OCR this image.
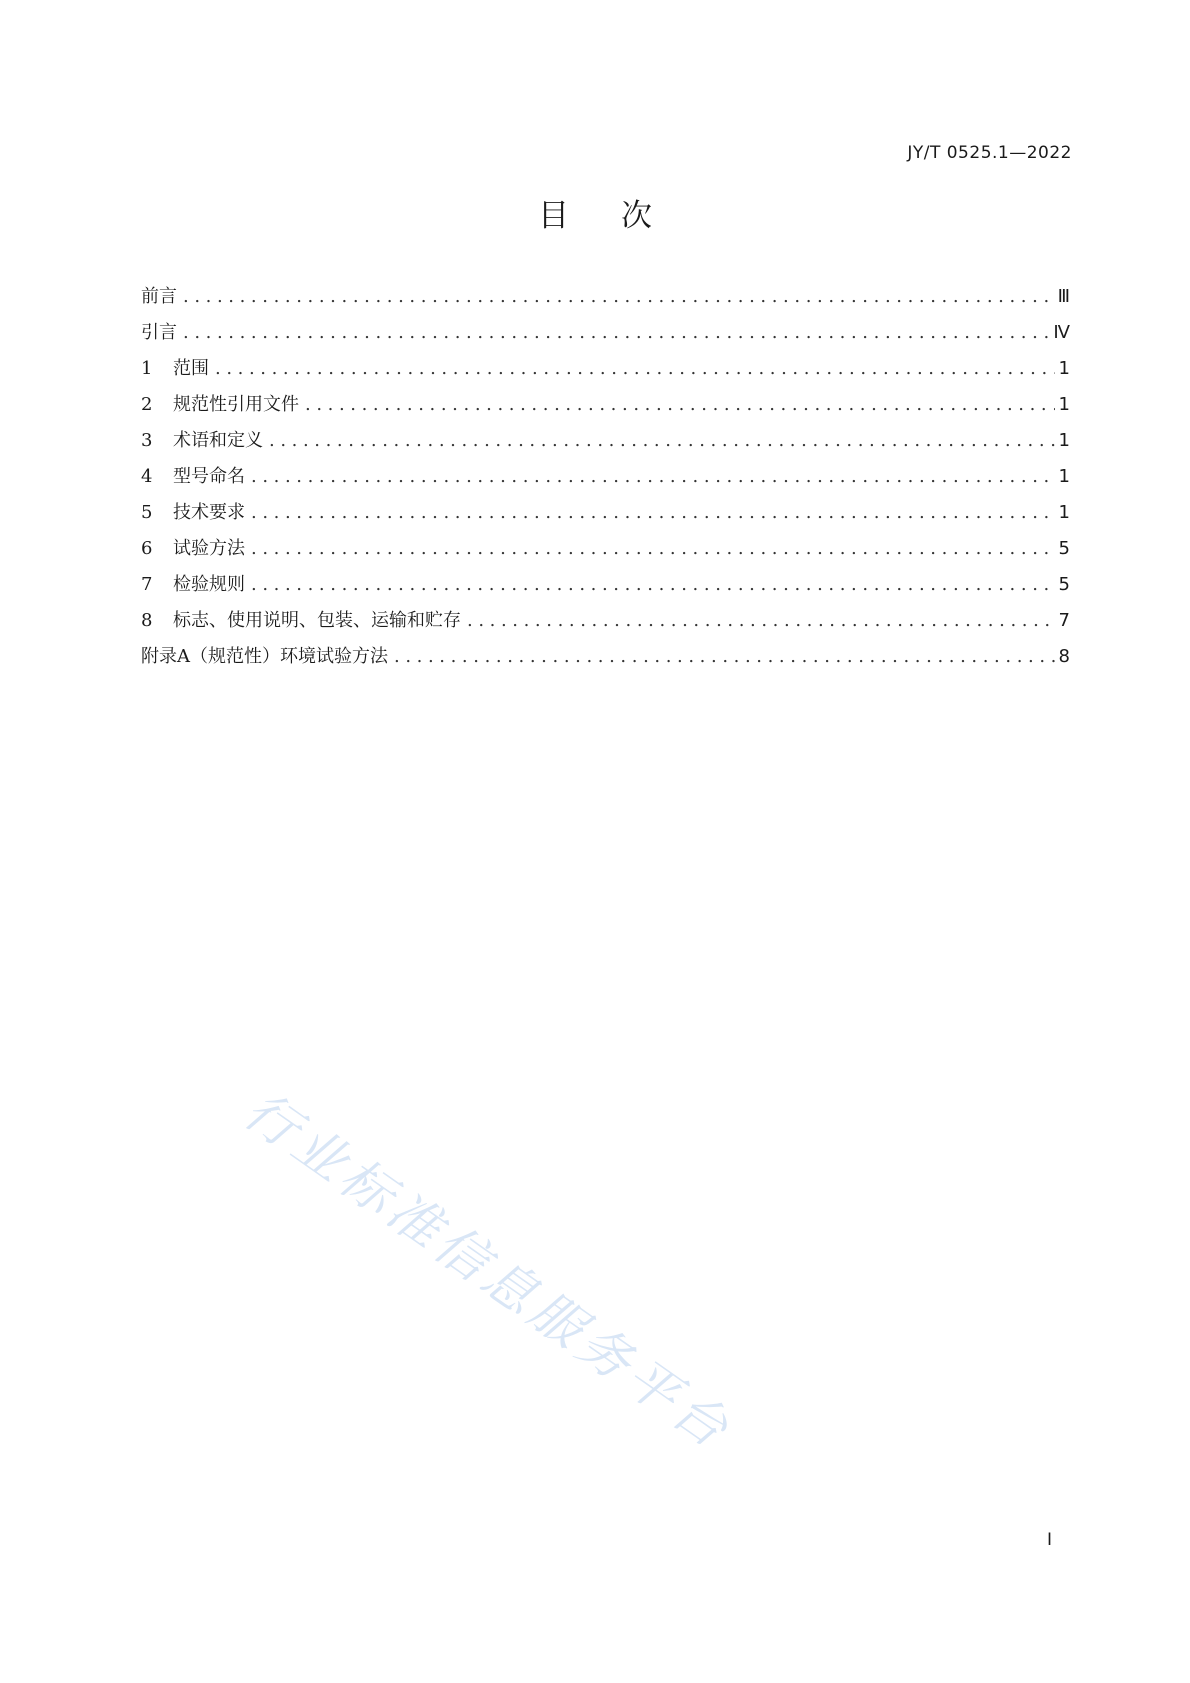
JY/T 0525.1—2022
目次
前言 .....	Ⅲ
引言 .....	Ⅳ
1 范围 .....	1
2 规范性引用文件 .....	1
3 术语和定义 .....	1
4 型号命名 .....	1
5 技术要求 .....	1
6 试验方法 .....	5
7 检验规则 .....	5
8 标志、使用说明、包装、运输和贮存 .....	7
附录A（规范性）环境试验方法 .....	8
行业标准信息服务平台
I
